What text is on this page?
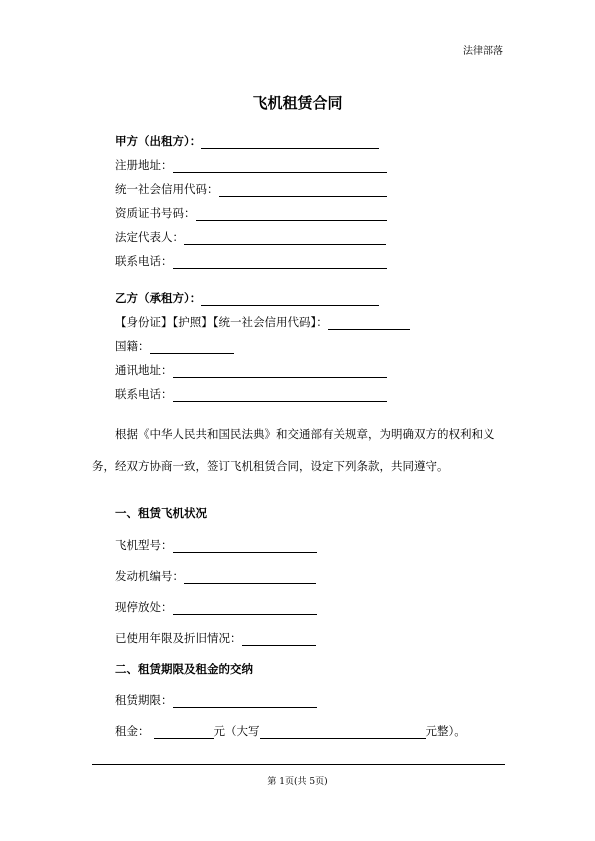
法律部落
飞机租赁合同
甲方（出租方）：
注册地址：
统一社会信用代码：
资质证书号码：
法定代表人：
联系电话：
乙方（承租方）：
【身份证】【护照】【统一社会信用代码】：
国籍：
通讯地址：
联系电话：
根据《中华人民共和国民法典》和交通部有关规章，为明确双方的权利和义
务，经双方协商一致，签订飞机租赁合同，设定下列条款，共同遵守。
一、租赁飞机状况
飞机型号：
发动机编号：
现停放处：
已使用年限及折旧情况：
二、租赁期限及租金的交纳
租赁期限：
租金：	元（大写	元整）。
第 1页(共 5页)
